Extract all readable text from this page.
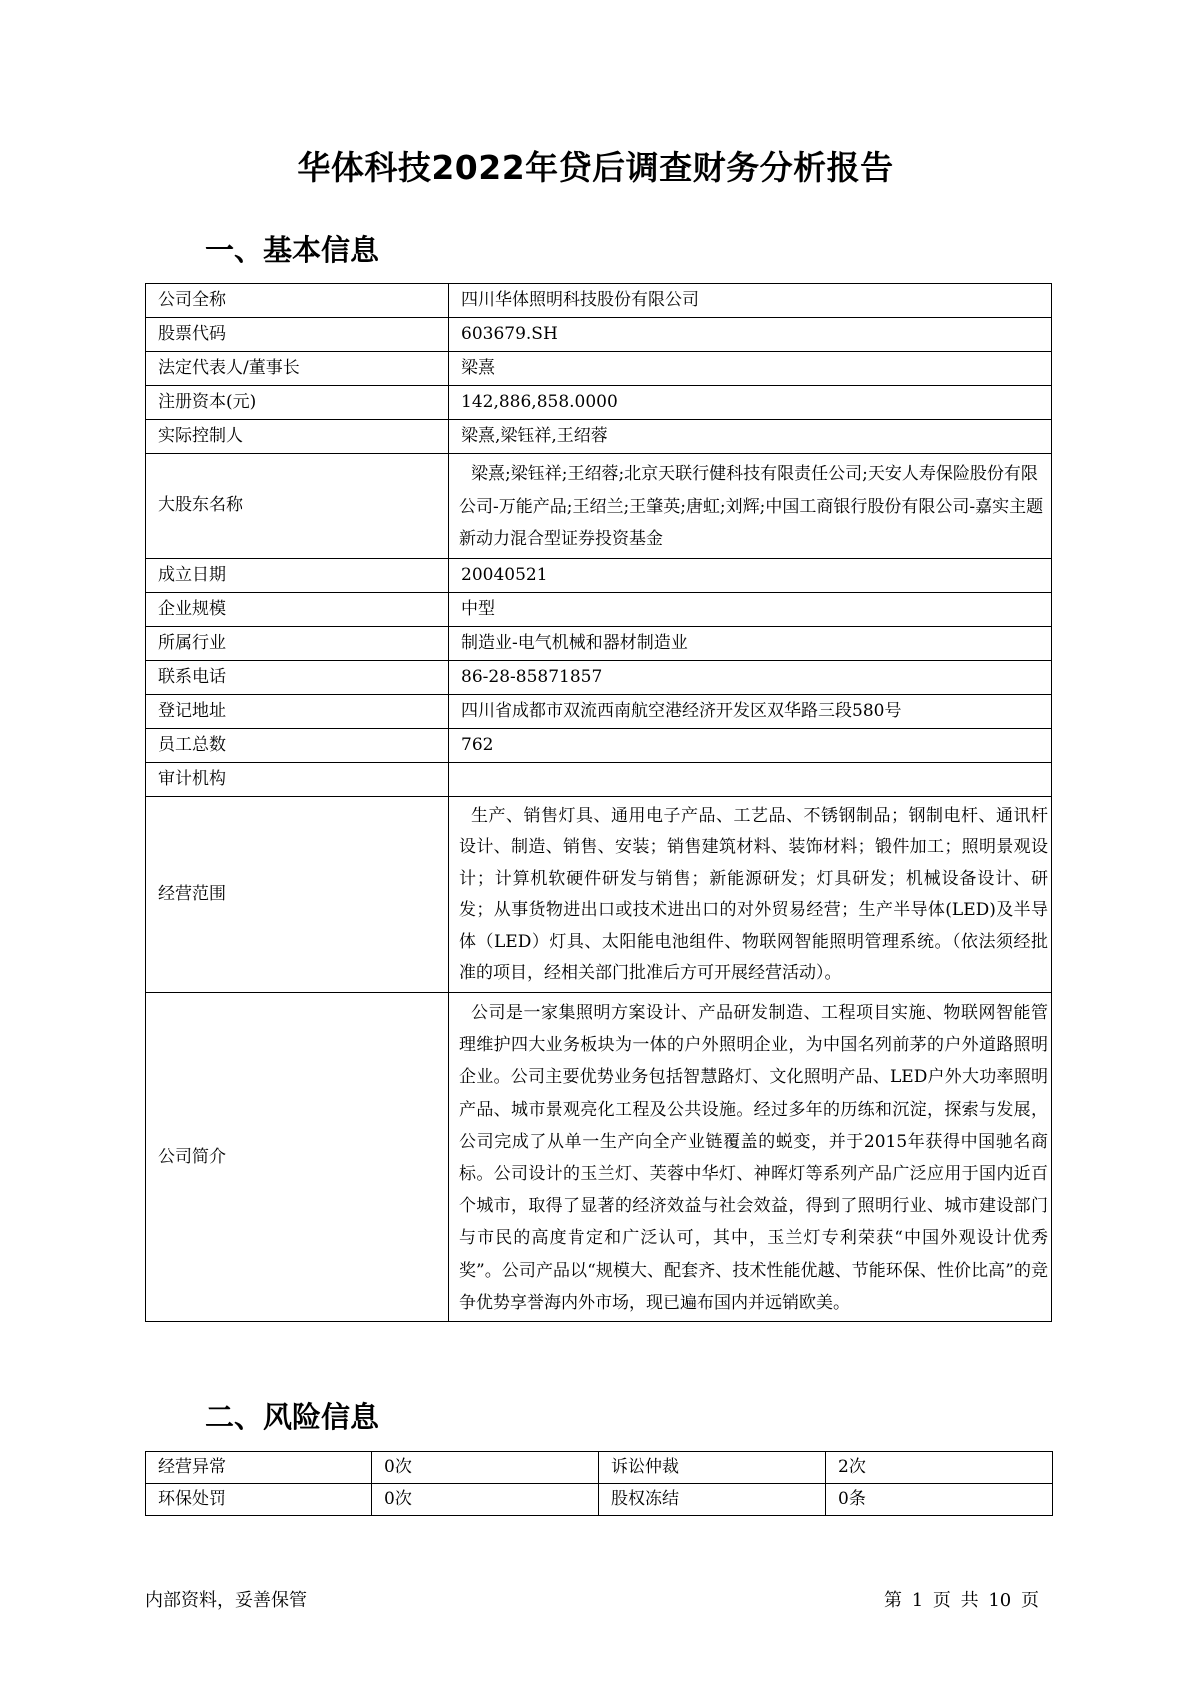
华体科技2022年贷后调查财务分析报告
一、基本信息
公司全称	四川华体照明科技股份有限公司
股票代码	603679.SH
法定代表人/董事长	梁熹
注册资本(元)	142,886,858.0000
实际控制人	梁熹,梁钰祥,王绍蓉
大股东名称	梁熹;梁钰祥;王绍蓉;北京天联行健科技有限责任公司;天安人寿保险股份有限公司-万能产品;王绍兰;王肇英;唐虹;刘辉;中国工商银行股份有限公司-嘉实主题新动力混合型证券投资基金
成立日期	20040521
企业规模	中型
所属行业	制造业-电气机械和器材制造业
联系电话	86-28-85871857
登记地址	四川省成都市双流西南航空港经济开发区双华路三段580号
员工总数	762
审计机构	
经营范围	生产、销售灯具、通用电子产品、工艺品、不锈钢制品；钢制电杆、通讯杆设计、制造、销售、安装；销售建筑材料、装饰材料；锻件加工；照明景观设计；计算机软硬件研发与销售；新能源研发；灯具研发；机械设备设计、研发；从事货物进出口或技术进出口的对外贸易经营；生产半导体(LED)及半导体（LED）灯具、太阳能电池组件、物联网智能照明管理系统。（依法须经批准的项目，经相关部门批准后方可开展经营活动）。
公司简介	公司是一家集照明方案设计、产品研发制造、工程项目实施、物联网智能管理维护四大业务板块为一体的户外照明企业，为中国名列前茅的户外道路照明企业。公司主要优势业务包括智慧路灯、文化照明产品、LED户外大功率照明产品、城市景观亮化工程及公共设施。经过多年的历练和沉淀，探索与发展，公司完成了从单一生产向全产业链覆盖的蜕变，并于2015年获得中国驰名商标。公司设计的玉兰灯、芙蓉中华灯、神晖灯等系列产品广泛应用于国内近百个城市，取得了显著的经济效益与社会效益，得到了照明行业、城市建设部门与市民的高度肯定和广泛认可，其中，玉兰灯专利荣获“中国外观设计优秀奖”。公司产品以“规模大、配套齐、技术性能优越、节能环保、性价比高”的竞争优势享誉海内外市场，现已遍布国内并远销欧美。
二、风险信息
经营异常	0次	诉讼仲裁	2次
环保处罚	0次	股权冻结	0条
内部资料，妥善保管	第 1 页 共 10 页
